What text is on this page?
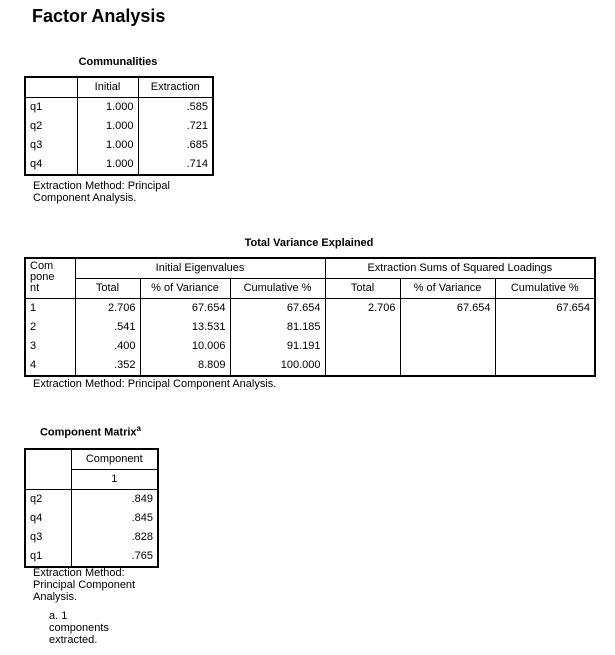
Factor Analysis
Communalities
	Initial	Extraction
q1	1.000	.585
q2	1.000	.721
q3	1.000	.685
q4	1.000	.714
Extraction Method: Principal
Component Analysis.
Total Variance Explained
Com
pone
nt	Initial Eigenvalues			Extraction Sums of Squared Loadings		
	Total	% of Variance	Cumulative %	Total	% of Variance	Cumulative %
1	2.706	67.654	67.654	2.706	67.654	67.654
2	.541	13.531	81.185			
3	.400	10.006	91.191			
4	.352	8.809	100.000			
Extraction Method: Principal Component Analysis.
Component Matrix$^a$
	Component
	1
q2	.849
q4	.845
q3	.828
q1	.765
Extraction Method:
Principal Component
Analysis.
a. 1
components
extracted.
